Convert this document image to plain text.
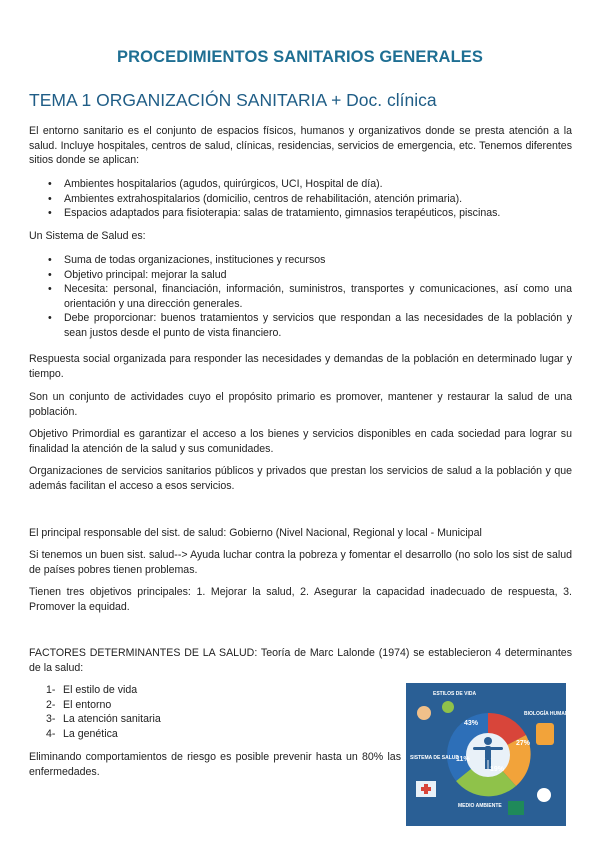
PROCEDIMIENTOS SANITARIOS GENERALES
TEMA 1 ORGANIZACIÓN SANITARIA + Doc. clínica
El entorno sanitario es el conjunto de espacios físicos, humanos y organizativos donde se presta atención a la salud. Incluye hospitales, centros de salud, clínicas, residencias, servicios de emergencia, etc. Tenemos diferentes sitios donde se aplican:
• Ambientes hospitalarios (agudos, quirúrgicos, UCI, Hospital de día).
• Ambientes extrahospitalarios (domicilio, centros de rehabilitación, atención primaria).
• Espacios adaptados para fisioterapia: salas de tratamiento, gimnasios terapéuticos, piscinas.
Un Sistema de Salud es:
• Suma de todas organizaciones, instituciones y recursos
• Objetivo principal: mejorar la salud
• Necesita: personal, financiación, información, suministros, transportes y comunicaciones, así como una orientación y una dirección generales.
• Debe proporcionar: buenos tratamientos y servicios que respondan a las necesidades de la población y sean justos desde el punto de vista financiero.
Respuesta social organizada para responder las necesidades y demandas de la población en determinado lugar y tiempo.
Son un conjunto de actividades cuyo el propósito primario es promover, mantener y restaurar la salud de una población.
Objetivo Primordial es garantizar el acceso a los bienes y servicios disponibles en cada sociedad para lograr su finalidad la atención de la salud y sus comunidades.
Organizaciones de servicios sanitarios públicos y privados que prestan los servicios de salud a la población y que además facilitan el acceso a esos servicios.
El principal responsable del sist. de salud: Gobierno (Nivel Nacional, Regional y local - Municipal
Si tenemos un buen sist. salud--> Ayuda luchar contra la pobreza y fomentar el desarrollo (no solo los sist de salud de países pobres tienen problemas.
Tienen tres objetivos principales: 1. Mejorar la salud, 2. Asegurar la capacidad inadecuado de respuesta, 3. Promover la equidad.
FACTORES DETERMINANTES DE LA SALUD: Teoría de Marc Lalonde (1974) se establecieron 4 determinantes de la salud:
1- El estilo de vida
2- El entorno
3- La atención sanitaria
4- La genética
Eliminando comportamientos de riesgo es posible prevenir hasta un 80% las enfermedades.
43%
27%
11%
19%
ESTILOS DE VIDA
BIOLOGÍA HUMANA
SISTEMA DE SALUD
MEDIO AMBIENTE
